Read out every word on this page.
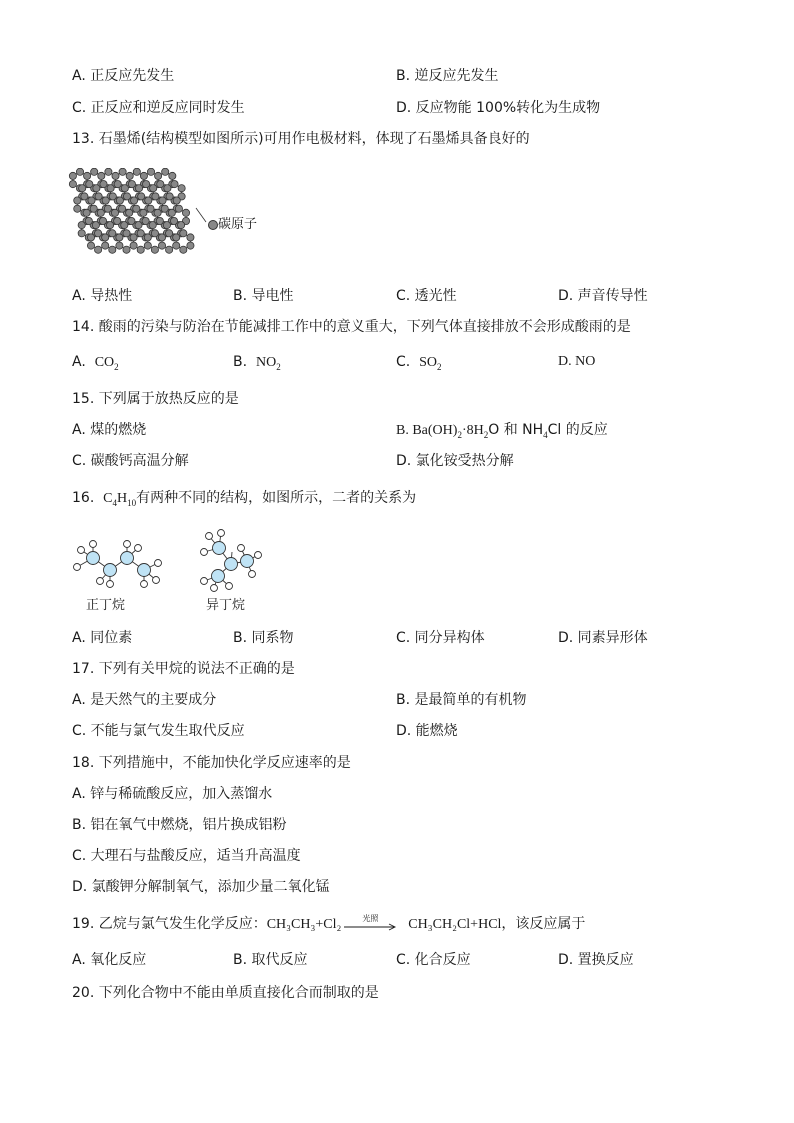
A. 正反应先发生	B. 逆反应先发生
C. 正反应和逆反应同时发生	D. 反应物能 100%转化为生成物
13. 石墨烯(结构模型如图所示)可用作电极材料，体现了石墨烯具备良好的
碳原子
A. 导热性	B. 导电性	C. 透光性	D. 声音传导性
14. 酸雨的污染与防治在节能减排工作中的意义重大，下列气体直接排放不会形成酸雨的是
A. $CO_2$	B. $NO_2$	C. $SO_2$	D. NO
15. 下列属于放热反应的是
A. 煤的燃烧	B. $Ba(OH)_2\cdot 8H_2O$ 和 $NH_4Cl$ 的反应
C. 碳酸钙高温分解	D. 氯化铵受热分解
16. $C_4H_{10}$有两种不同的结构，如图所示，二者的关系为
正丁烷	异丁烷
A. 同位素	B. 同系物	C. 同分异构体	D. 同素异形体
17. 下列有关甲烷的说法不正确的是
A. 是天然气的主要成分	B. 是最简单的有机物
C. 不能与氯气发生取代反应	D. 能燃烧
18. 下列措施中，不能加快化学反应速率的是
A. 锌与稀硫酸反应，加入蒸馏水
B. 铝在氧气中燃烧，铝片换成铝粉
C. 大理石与盐酸反应，适当升高温度
D. 氯酸钾分解制氧气，添加少量二氧化锰
19. 乙烷与氯气发生化学反应：CH₃CH₃+Cl₂	光照	CH₃CH₂Cl+HCl，该反应属于
A. 氧化反应	B. 取代反应	C. 化合反应	D. 置换反应
20. 下列化合物中不能由单质直接化合而制取的是
